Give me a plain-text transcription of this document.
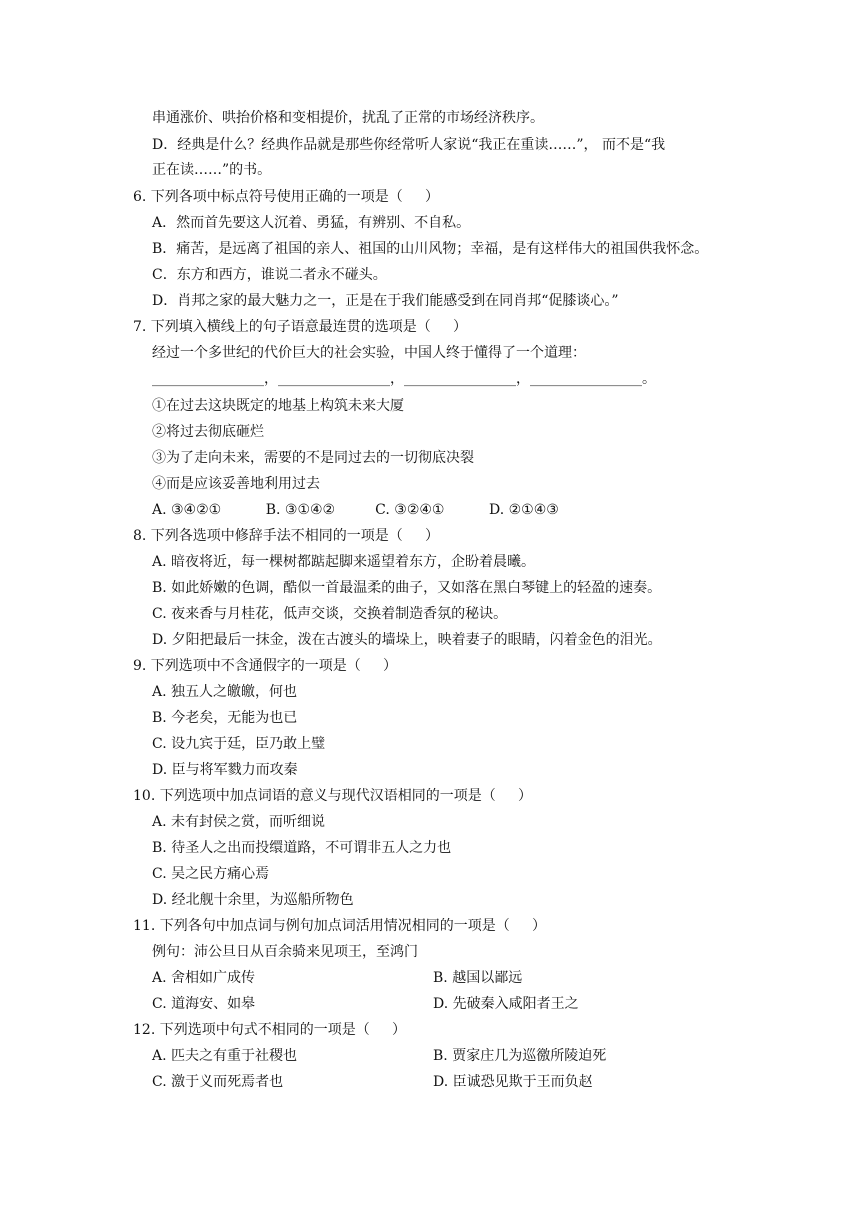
串通涨价、哄抬价格和变相提价，扰乱了正常的市场经济秩序。
D．经典是什么？经典作品就是那些你经常听人家说“我正在重读……”， 而不是“我
正在读……”的书。
6. 下列各项中标点符号使用正确的一项是（     ）
A．然而首先要这人沉着、勇猛，有辨别、不自私。
B．痛苦，是远离了祖国的亲人、祖国的山川风物；幸福，是有这样伟大的祖国供我怀念。
C．东方和西方，谁说二者永不碰头。
D．肖邦之家的最大魅力之一，正是在于我们能感受到在同肖邦“促膝谈心。”
7. 下列填入横线上的句子语意最连贯的选项是（     ）
经过一个多世纪的代价巨大的社会实验，中国人终于懂得了一个道理：
________________，________________，________________，________________。
①在过去这块既定的地基上构筑未来大厦
②将过去彻底砸烂
③为了走向未来，需要的不是同过去的一切彻底决裂
④而是应该妥善地利用过去
A. ③④②①          B. ③①④②         C. ③②④①          D. ②①④③
8. 下列各选项中修辞手法不相同的一项是（     ）
A. 暗夜将近，每一棵树都踮起脚来遥望着东方，企盼着晨曦。
B. 如此娇嫩的色调，酷似一首最温柔的曲子，又如落在黑白琴键上的轻盈的速奏。
C. 夜来香与月桂花，低声交谈，交换着制造香氛的秘诀。
D. 夕阳把最后一抹金，泼在古渡头的墙垛上，映着妻子的眼睛，闪着金色的泪光。
9. 下列选项中不含通假字的一项是（     ）
A. 独五人之皦皦，何也
B. 今老矣，无能为也已
C. 设九宾于廷，臣乃敢上璧
D. 臣与将军戮力而攻秦
10. 下列选项中加点词语的意义与现代汉语相同的一项是（     ）
A. 未有封侯之赏，而听细说
B. 待圣人之出而投缳道路，不可谓非五人之力也
C. 吴之民方痛心焉
D. 经北舰十余里，为巡船所物色
11. 下列各句中加点词与例句加点词活用情况相同的一项是（     ）
例句：沛公旦日从百余骑来见项王，至鸿门
A. 舍相如广成传	B. 越国以鄙远
C. 道海安、如皋	D. 先破秦入咸阳者王之
12. 下列选项中句式不相同的一项是（     ）
A. 匹夫之有重于社稷也	B. 贾家庄几为巡徼所陵迫死
C. 激于义而死焉者也	D. 臣诚恐见欺于王而负赵
